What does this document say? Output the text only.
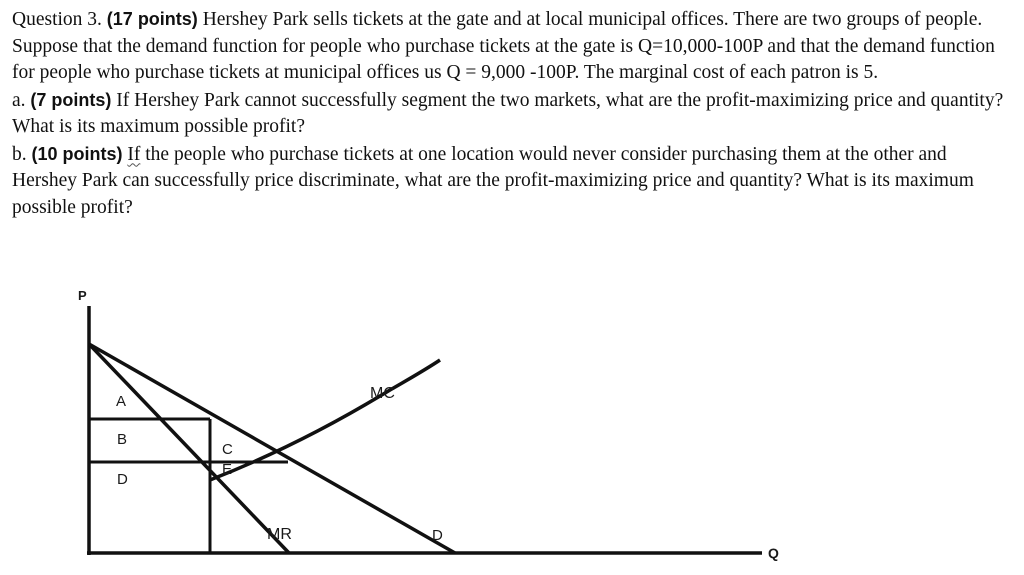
Question 3. (17 points) Hershey Park sells tickets at the gate and at local municipal offices. There are two groups of people. Suppose that the demand function for people who purchase tickets at the gate is Q=10,000-100P and that the demand function for people who purchase tickets at municipal offices us Q = 9,000 -100P. The marginal cost of each patron is 5.

a. (7 points) If Hershey Park cannot successfully segment the two markets, what are the profit-maximizing price and quantity? What is its maximum possible profit?

b. (10 points) If the people who purchase tickets at one location would never consider purchasing them at the other and Hershey Park can successfully price discriminate, what are the profit-maximizing price and quantity? What is its maximum possible profit?

A
B
D
C
E
MC
MR	D
P
Q
